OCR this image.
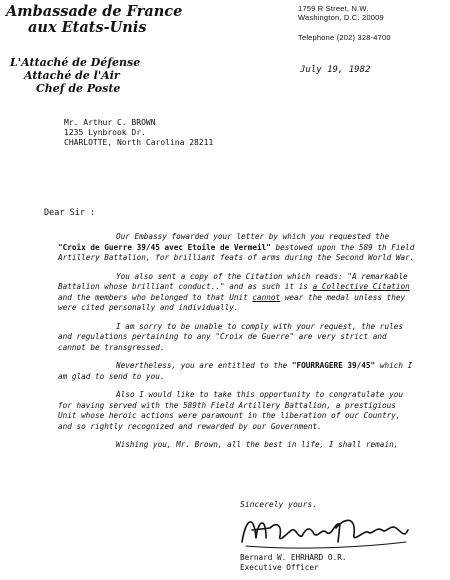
Ambassade de France
aux Etats-Unis
L'Attaché de Défense
Attaché de l'Air
Chef de Poste
1759 R Street, N.W.
Washington, D.C. 20009
Telephone (202) 328-4700
July 19, 1982
Mr. Arthur C. BROWN
1235 Lynbrook Dr.
CHARLOTTE, North Carolina 28211
Dear Sir :

Our Embassy fowarded your letter by which you requested the "Croix de Guerre 39/45 avec Etoile de Vermeil" bestowed upon the 589 th Field Artillery Battalion, for brilliant feats of arms during the Second World War.

You also sent a copy of the Citation which reads: "A remarkable Battalion whose brilliant conduct.." and as such it is a Collective Citation and the members who belonged to that Unit cannot wear the medal unless they were cited personally and individually.

I am sorry to be unable to comply with your request, the rules and regulations pertaining to any "Croix de Guerre" are very strict and cannot be transgressed.

Nevertheless, you are entitled to the "FOURRAGERE 39/45" which I am glad to send to you.

Also I would like to take this opportunity to congratulate you for having served with the 589th Field Artillery Battalion, a prestigious Unit whose heroic actions were paramount in the liberation of our Country, and so rightly recognized and rewarded by our Government.

Wishing you, Mr. Brown, all the best in life, I shall remain,

Sincerely yours.
Bernard W. EHRHARD O.R.
Executive Officer
